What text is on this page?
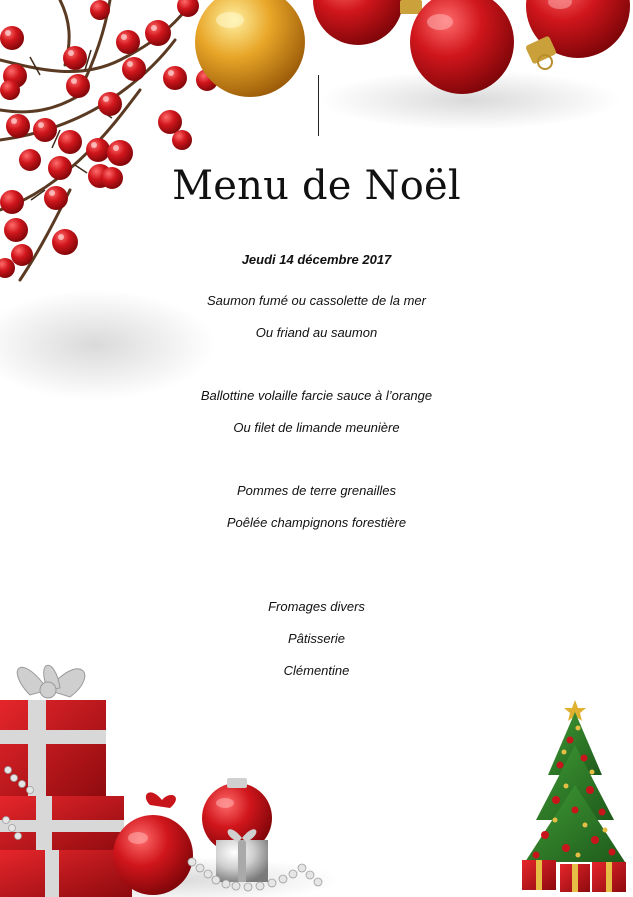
Menu de Noël
Jeudi 14 décembre 2017
Saumon fumé ou cassolette de la mer
Ou friand au saumon
Ballottine volaille farcie sauce à l’orange
Ou filet de limande meunière
Pommes de terre grenailles
Poêlée champignons forestière
Fromages divers
Pâtisserie
Clémentine
